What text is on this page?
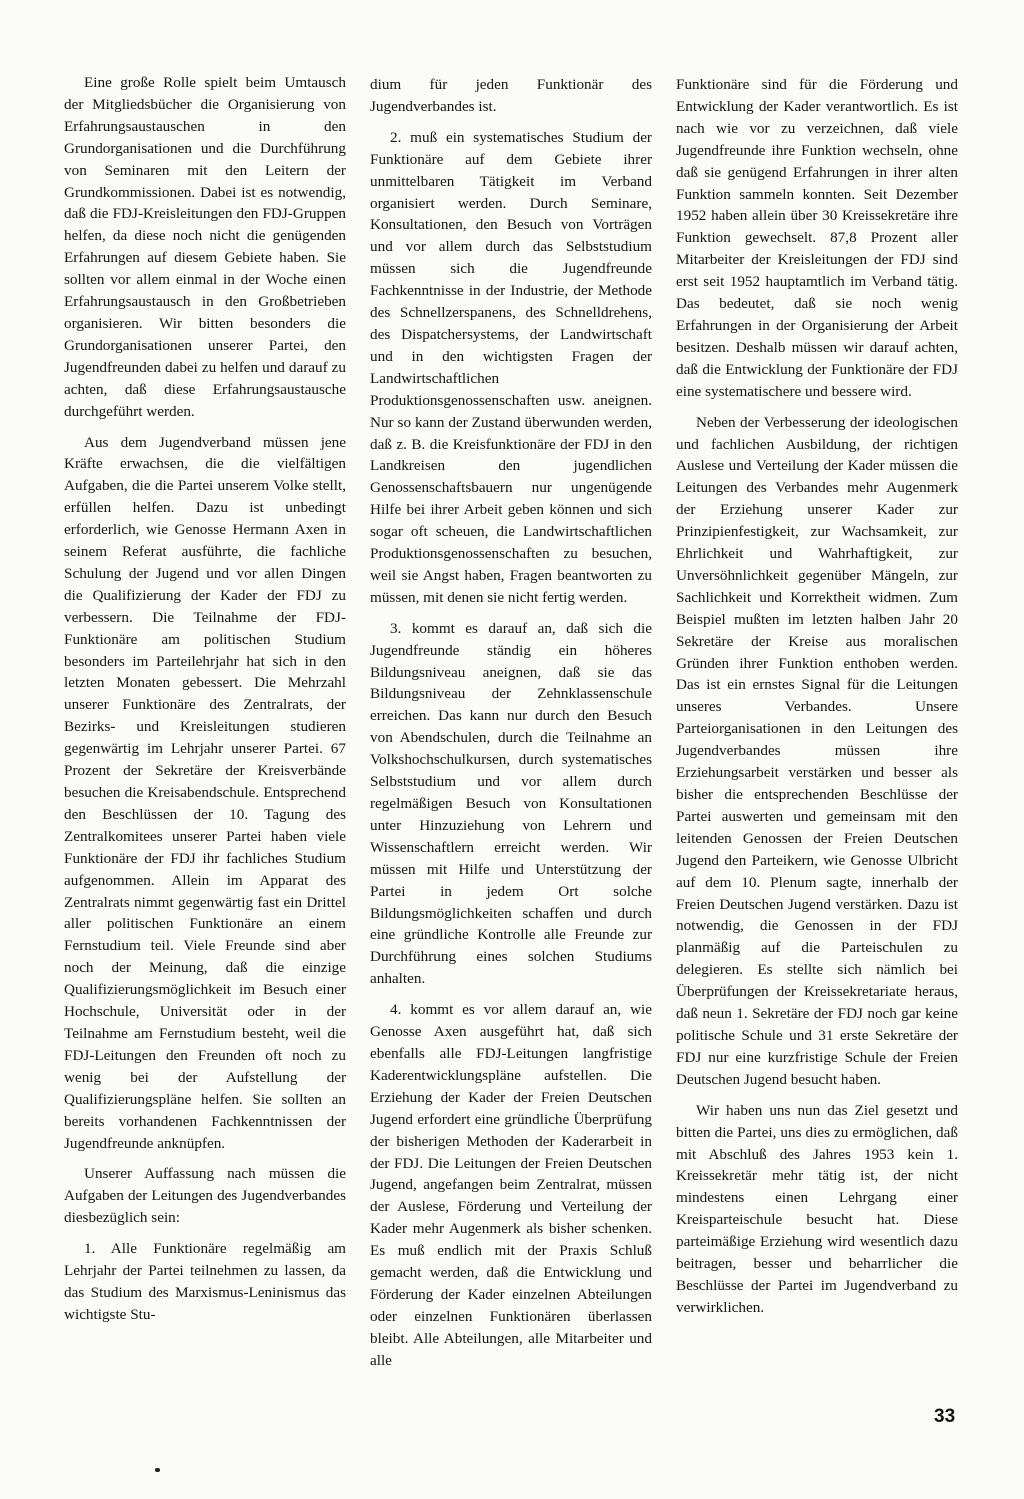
Eine große Rolle spielt beim Umtausch der Mitgliedsbücher die Organisierung von Erfahrungsaustauschen in den Grundorganisationen und die Durchführung von Seminaren mit den Leitern der Grundkommissionen. Dabei ist es notwendig, daß die FDJ-Kreisleitungen den FDJ-Gruppen helfen, da diese noch nicht die genügenden Erfahrungen auf diesem Gebiete haben. Sie sollten vor allem einmal in der Woche einen Erfahrungsaustausch in den Großbetrieben organisieren. Wir bitten besonders die Grundorganisationen unserer Partei, den Jugendfreunden dabei zu helfen und darauf zu achten, daß diese Erfahrungsaustausche durchgeführt werden.

Aus dem Jugendverband müssen jene Kräfte erwachsen, die die vielfältigen Aufgaben, die die Partei unserem Volke stellt, erfüllen helfen. Dazu ist unbedingt erforderlich, wie Genosse Hermann Axen in seinem Referat ausführte, die fachliche Schulung der Jugend und vor allen Dingen die Qualifizierung der Kader der FDJ zu verbessern. Die Teilnahme der FDJ-Funktionäre am politischen Studium besonders im Parteilehrjahr hat sich in den letzten Monaten gebessert. Die Mehrzahl unserer Funktionäre des Zentralrats, der Bezirks- und Kreisleitungen studieren gegenwärtig im Lehrjahr unserer Partei. 67 Prozent der Sekretäre der Kreisverbände besuchen die Kreisabendschule. Entsprechend den Beschlüssen der 10. Tagung des Zentralkomitees unserer Partei haben viele Funktionäre der FDJ ihr fachliches Studium aufgenommen. Allein im Apparat des Zentralrats nimmt gegenwärtig fast ein Drittel aller politischen Funktionäre an einem Fernstudium teil. Viele Freunde sind aber noch der Meinung, daß die einzige Qualifizierungsmöglichkeit im Besuch einer Hochschule, Universität oder in der Teilnahme am Fernstudium besteht, weil die FDJ-Leitungen den Freunden oft noch zu wenig bei der Aufstellung der Qualifizierungspläne helfen. Sie sollten an bereits vorhandenen Fachkenntnissen der Jugendfreunde anknüpfen.

Unserer Auffassung nach müssen die Aufgaben der Leitungen des Jugendverbandes diesbezüglich sein:

1. Alle Funktionäre regelmäßig am Lehrjahr der Partei teilnehmen zu lassen, da das Studium des Marxismus-Leninismus das wichtigste Stu-

dium für jeden Funktionär des Jugendverbandes ist.

2. muß ein systematisches Studium der Funktionäre auf dem Gebiete ihrer unmittelbaren Tätigkeit im Verband organisiert werden. Durch Seminare, Konsultationen, den Besuch von Vorträgen und vor allem durch das Selbststudium müssen sich die Jugendfreunde Fachkenntnisse in der Industrie, der Methode des Schnellzerspanens, des Schnelldrehens, des Dispatchersystems, der Landwirtschaft und in den wichtigsten Fragen der Landwirtschaftlichen Produktionsgenossenschaften usw. aneignen. Nur so kann der Zustand überwunden werden, daß z. B. die Kreisfunktionäre der FDJ in den Landkreisen den jugendlichen Genossenschaftsbauern nur ungenügende Hilfe bei ihrer Arbeit geben können und sich sogar oft scheuen, die Landwirtschaftlichen Produktionsgenossenschaften zu besuchen, weil sie Angst haben, Fragen beantworten zu müssen, mit denen sie nicht fertig werden.

3. kommt es darauf an, daß sich die Jugendfreunde ständig ein höheres Bildungsniveau aneignen, daß sie das Bildungsniveau der Zehnklassenschule erreichen. Das kann nur durch den Besuch von Abendschulen, durch die Teilnahme an Volkshochschulkursen, durch systematisches Selbststudium und vor allem durch regelmäßigen Besuch von Konsultationen unter Hinzuziehung von Lehrern und Wissenschaftlern erreicht werden. Wir müssen mit Hilfe und Unterstützung der Partei in jedem Ort solche Bildungsmöglichkeiten schaffen und durch eine gründliche Kontrolle alle Freunde zur Durchführung eines solchen Studiums anhalten.

4. kommt es vor allem darauf an, wie Genosse Axen ausgeführt hat, daß sich ebenfalls alle FDJ-Leitungen langfristige Kaderentwicklungspläne aufstellen. Die Erziehung der Kader der Freien Deutschen Jugend erfordert eine gründliche Überprüfung der bisherigen Methoden der Kaderarbeit in der FDJ. Die Leitungen der Freien Deutschen Jugend, angefangen beim Zentralrat, müssen der Auslese, Förderung und Verteilung der Kader mehr Augenmerk als bisher schenken. Es muß endlich mit der Praxis Schluß gemacht werden, daß die Entwicklung und Förderung der Kader einzelnen Abteilungen oder einzelnen Funktionären überlassen bleibt. Alle Abteilungen, alle Mitarbeiter und alle

Funktionäre sind für die Förderung und Entwicklung der Kader verantwortlich. Es ist nach wie vor zu verzeichnen, daß viele Jugendfreunde ihre Funktion wechseln, ohne daß sie genügend Erfahrungen in ihrer alten Funktion sammeln konnten. Seit Dezember 1952 haben allein über 30 Kreissekretäre ihre Funktion gewechselt. 87,8 Prozent aller Mitarbeiter der Kreisleitungen der FDJ sind erst seit 1952 hauptamtlich im Verband tätig. Das bedeutet, daß sie noch wenig Erfahrungen in der Organisierung der Arbeit besitzen. Deshalb müssen wir darauf achten, daß die Entwicklung der Funktionäre der FDJ eine systematischere und bessere wird.

Neben der Verbesserung der ideologischen und fachlichen Ausbildung, der richtigen Auslese und Verteilung der Kader müssen die Leitungen des Verbandes mehr Augenmerk der Erziehung unserer Kader zur Prinzipienfestigkeit, zur Wachsamkeit, zur Ehrlichkeit und Wahrhaftigkeit, zur Unversöhnlichkeit gegenüber Mängeln, zur Sachlichkeit und Korrektheit widmen. Zum Beispiel mußten im letzten halben Jahr 20 Sekretäre der Kreise aus moralischen Gründen ihrer Funktion enthoben werden. Das ist ein ernstes Signal für die Leitungen unseres Verbandes. Unsere Parteiorganisationen in den Leitungen des Jugendverbandes müssen ihre Erziehungsarbeit verstärken und besser als bisher die entsprechenden Beschlüsse der Partei auswerten und gemeinsam mit den leitenden Genossen der Freien Deutschen Jugend den Parteikern, wie Genosse Ulbricht auf dem 10. Plenum sagte, innerhalb der Freien Deutschen Jugend verstärken. Dazu ist notwendig, die Genossen in der FDJ planmäßig auf die Parteischulen zu delegieren. Es stellte sich nämlich bei Überprüfungen der Kreissekretariate heraus, daß neun 1. Sekretäre der FDJ noch gar keine politische Schule und 31 erste Sekretäre der FDJ nur eine kurzfristige Schule der Freien Deutschen Jugend besucht haben.

Wir haben uns nun das Ziel gesetzt und bitten die Partei, uns dies zu ermöglichen, daß mit Abschluß des Jahres 1953 kein 1. Kreissekretär mehr tätig ist, der nicht mindestens einen Lehrgang einer Kreisparteischule besucht hat. Diese parteimäßige Erziehung wird wesentlich dazu beitragen, besser und beharrlicher die Beschlüsse der Partei im Jugendverband zu verwirklichen.

33
